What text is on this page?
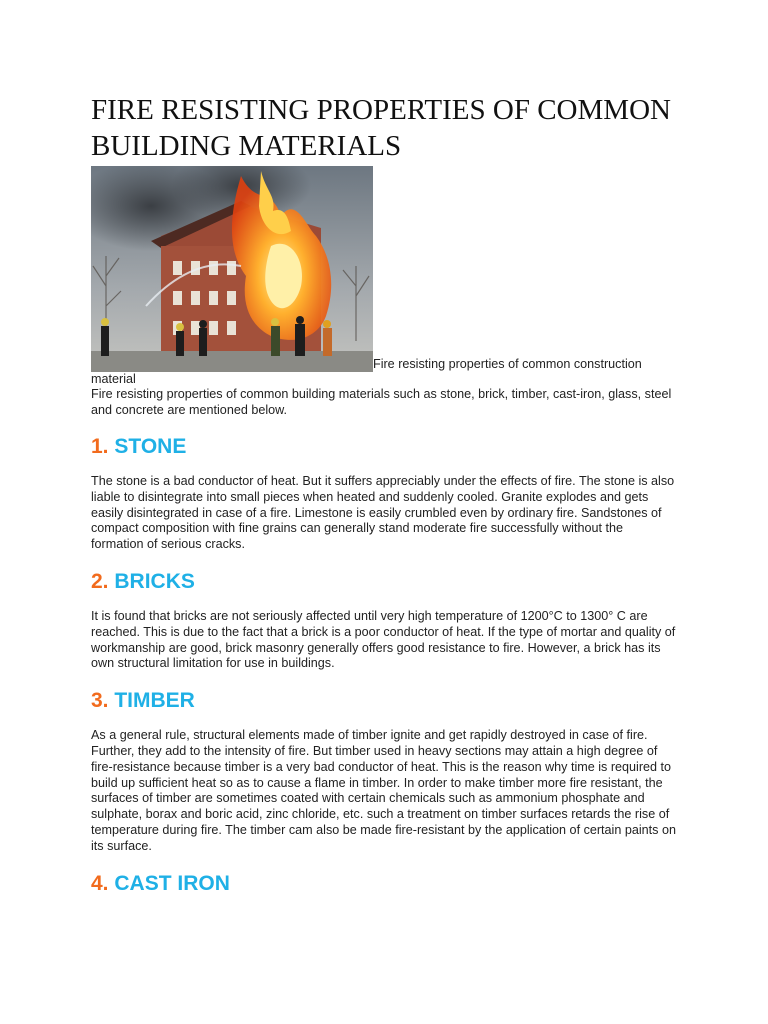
FIRE RESISTING PROPERTIES OF COMMON BUILDING MATERIALS
Fire resisting properties of common construction material

Fire resisting properties of common building materials such as stone, brick, timber, cast-iron, glass, steel and concrete are mentioned below.

1. STONE

The stone is a bad conductor of heat. But it suffers appreciably under the effects of fire. The stone is also liable to disintegrate into small pieces when heated and suddenly cooled. Granite explodes and gets easily disintegrated in case of a fire. Limestone is easily crumbled even by ordinary fire. Sandstones of compact composition with fine grains can generally stand moderate fire successfully without the formation of serious cracks.

2. BRICKS

It is found that bricks are not seriously affected until very high temperature of 1200°C to 1300° C are reached. This is due to the fact that a brick is a poor conductor of heat. If the type of mortar and quality of workmanship are good, brick masonry generally offers good resistance to fire. However, a brick has its own structural limitation for use in buildings.

3. TIMBER

As a general rule, structural elements made of timber ignite and get rapidly destroyed in case of fire. Further, they add to the intensity of fire. But timber used in heavy sections may attain a high degree of fire-resistance because timber is a very bad conductor of heat. This is the reason why time is required to build up sufficient heat so as to cause a flame in timber. In order to make timber more fire resistant, the surfaces of timber are sometimes coated with certain chemicals such as ammonium phosphate and sulphate, borax and boric acid, zinc chloride, etc. such a treatment on timber surfaces retards the rise of temperature during fire. The timber cam also be made fire-resistant by the application of certain paints on its surface.

4. CAST IRON
